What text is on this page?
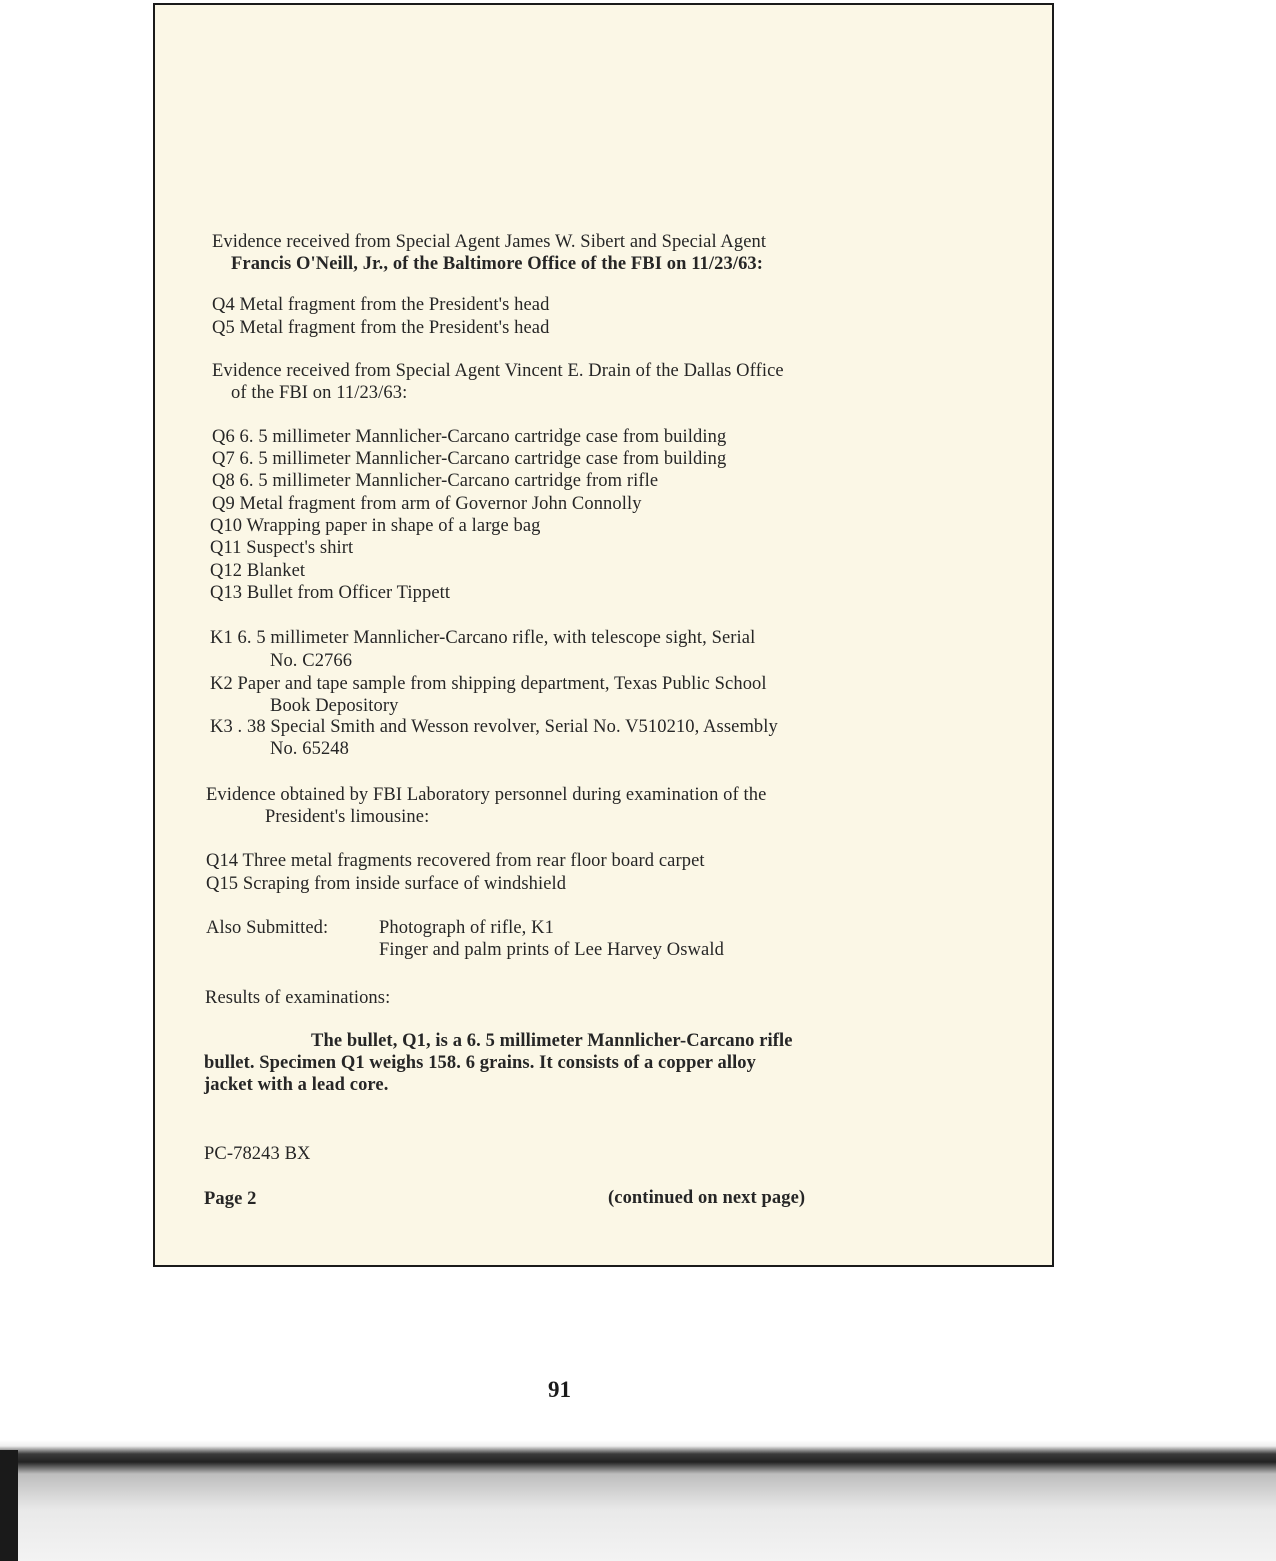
Evidence received from Special Agent James W. Sibert and Special Agent
Francis O'Neill, Jr., of the Baltimore Office of the FBI on 11/23/63:
Q4 Metal fragment from the President's head
Q5 Metal fragment from the President's head
Evidence received from Special Agent Vincent E. Drain of the Dallas Office
of the FBI on 11/23/63:
Q6 6. 5 millimeter Mannlicher-Carcano cartridge case from building
Q7 6. 5 millimeter Mannlicher-Carcano cartridge case from building
Q8 6. 5 millimeter Mannlicher-Carcano cartridge from rifle
Q9 Metal fragment from arm of Governor John Connolly
Q10 Wrapping paper in shape of a large bag
Q11 Suspect's shirt
Q12 Blanket
Q13 Bullet from Officer Tippett
K1 6. 5 millimeter Mannlicher-Carcano rifle, with telescope sight, Serial
No. C2766
K2 Paper and tape sample from shipping department, Texas Public School
Book Depository
K3 . 38 Special Smith and Wesson revolver, Serial No. V510210, Assembly
No. 65248
Evidence obtained by FBI Laboratory personnel during examination of the
President's limousine:
Q14 Three metal fragments recovered from rear floor board carpet
Q15 Scraping from inside surface of windshield
Also Submitted:	Photograph of rifle, K1
Finger and palm prints of Lee Harvey Oswald
Results of examinations:
The bullet, Q1, is a 6. 5 millimeter Mannlicher-Carcano rifle
bullet. Specimen Q1 weighs 158. 6 grains. It consists of a copper alloy
jacket with a lead core.
PC-78243 BX
Page 2	(continued on next page)
91
